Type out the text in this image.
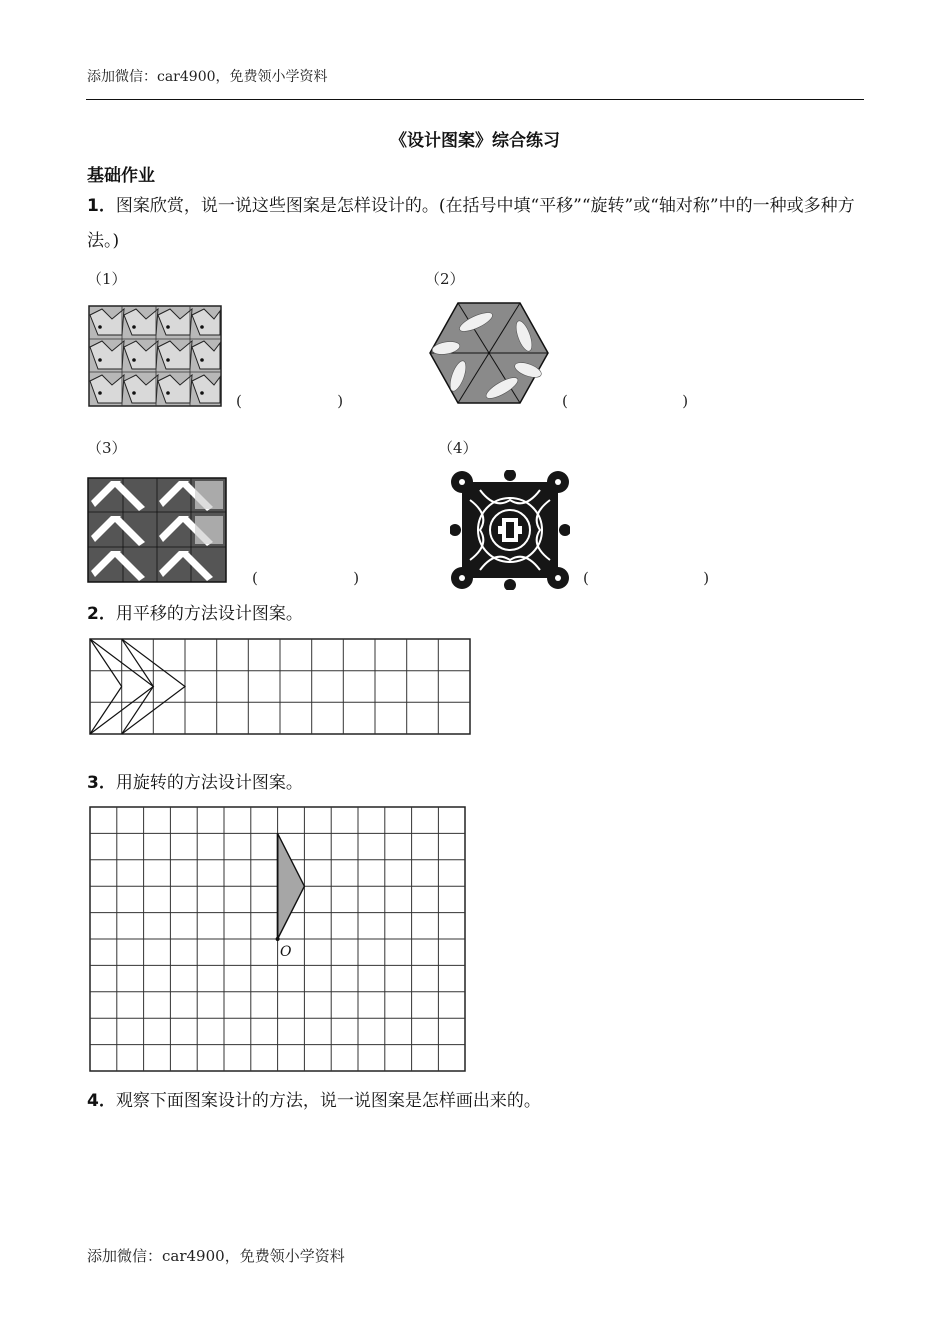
添加微信：car4900，免费领小学资料
《设计图案》综合练习
基础作业
1．图案欣赏，说一说这些图案是怎样设计的。(在括号中填“平移”“旋转”或“轴对称”中的一种或多种方法。)
（1）	（2）
(                    )	(                        )
（3）	（4）
(                    )	(                        )
2．用平移的方法设计图案。
3．用旋转的方法设计图案。
O
4．观察下面图案设计的方法，说一说图案是怎样画出来的。
添加微信：car4900，免费领小学资料
